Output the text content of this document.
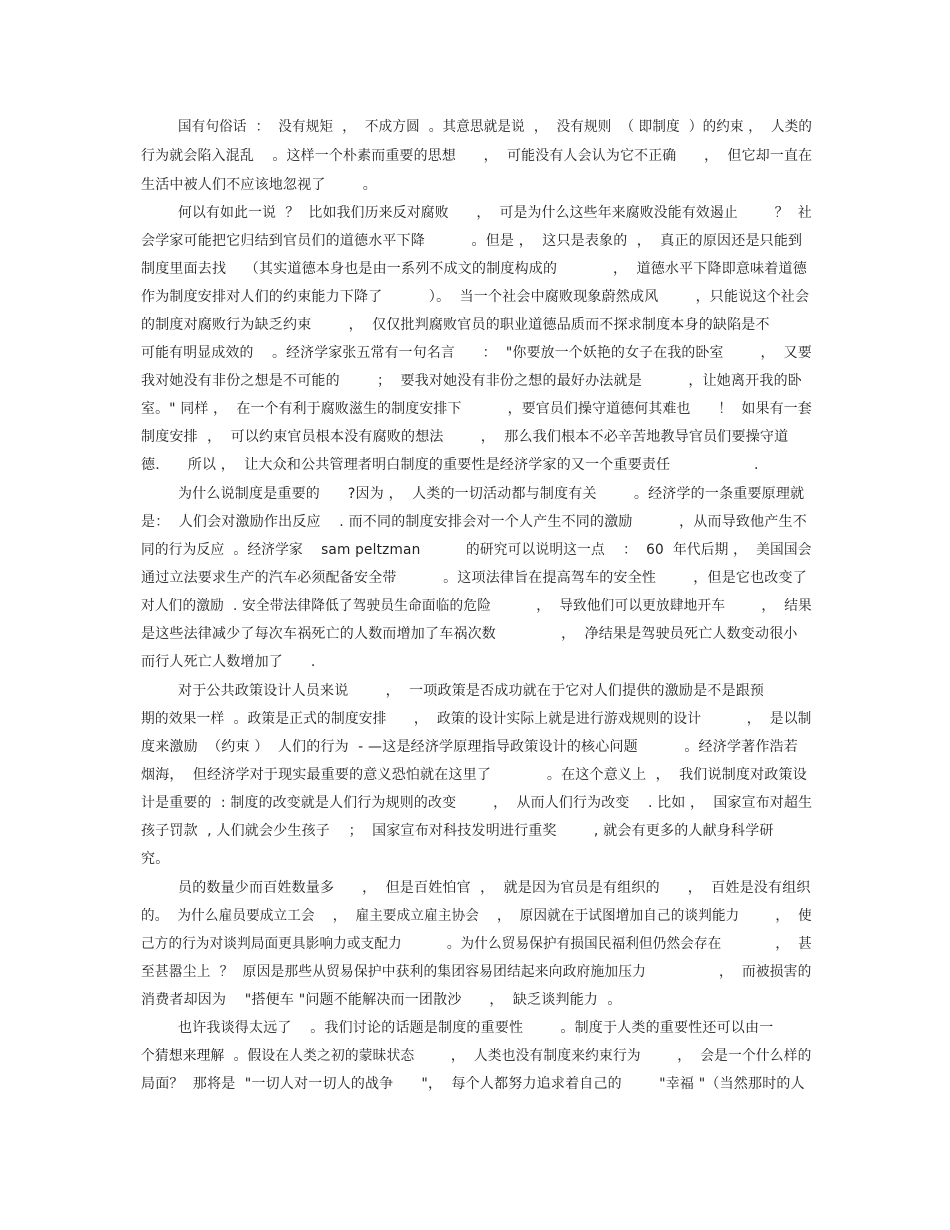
国有句俗话  ：  没有规矩  ，  不成方圆  。其意思就是说  ，  没有规则  （ 即制度  ）的约束 ，  人类的
行为就会陷入混乱    。这样一个朴素而重要的思想      ，  可能没有人会认为它不正确      ，  但它却一直在
生活中被人们不应该地忽视了        。
何以有如此一说  ？  比如我们历来反对腐败      ，  可是为什么这些年来腐败没能有效遏止        ？  社
会学家可能把它归结到官员们的道德水平下降          。但是 ，  这只是表象的  ，  真正的原因还是只能到
制度里面去找    （其实道德本身也是由一系列不成文的制度构成的            ，  道德水平下降即意味着道德
作为制度安排对人们的约束能力下降了          ）。  当一个社会中腐败现象蔚然成风        ，只能说这个社会
的制度对腐败行为缺乏约束        ，  仅仅批判腐败官员的职业道德品质而不探求制度本身的缺陷是不
可能有明显成效的    。经济学家张五常有一句名言      ：  "你要放一个妖艳的女子在我的卧室        ，  又要
我对她没有非份之想是不可能的        ；  要我对她没有非份之想的最好办法就是          ，让她离开我的卧
室。" 同样 ，  在一个有利于腐败滋生的制度安排下          ，要官员们操守道德何其难也      ！  如果有一套
制度安排  ，  可以约束官员根本没有腐败的想法        ，  那么我们根本不必辛苦地教导官员们要操守道
德.      所以 ，  让大众和公共管理者明白制度的重要性是经济学家的又一个重要责任                  .
为什么说制度是重要的      ?因为 ，  人类的一切活动都与制度有关        。经济学的一条重要原理就
是：  人们会对激励作出反应    . 而不同的制度安排会对一个人产生不同的激励          ，从而导致他产生不
同的行为反应  。经济学家    sam peltzman          的研究可以说明这一点    ：  60  年代后期 ，  美国国会
通过立法要求生产的汽车必须配备安全带          。这项法律旨在提高驾车的安全性        ，但是它也改变了
对人们的激励  . 安全带法律降低了驾驶员生命面临的危险          ，  导致他们可以更放肆地开车        ，  结果
是这些法律减少了每次车祸死亡的人数而增加了车祸次数              ，  净结果是驾驶员死亡人数变动很小
而行人死亡人数增加了      .
对于公共政策设计人员来说        ，  一项政策是否成功就在于它对人们提供的激励是不是跟预
期的效果一样  。政策是正式的制度安排      ，  政策的设计实际上就是进行游戏规则的设计          ，  是以制
度来激励  （约束 ）  人们的行为  - —这是经济学原理指导政策设计的核心问题          。经济学著作浩若
烟海，  但经济学对于现实最重要的意义恐怕就在这里了            。在这个意义上  ，  我们说制度对政策设
计是重要的  : 制度的改变就是人们行为规则的改变        ，  从而人们行为改变    . 比如 ，  国家宣布对超生
孩子罚款  , 人们就会少生孩子    ；  国家宣布对科技发明进行重奖        , 就会有更多的人献身科学研
究。
员的数量少而百姓数量多      ，  但是百姓怕官  ，  就是因为官员是有组织的      ，  百姓是没有组织
的。  为什么雇员要成立工会    ，  雇主要成立雇主协会    ，  原因就在于试图增加自己的谈判能力        ，  使
己方的行为对谈判局面更具影响力或支配力          。为什么贸易保护有损国民福利但仍然会存在            ，  甚
至甚嚣尘上  ？  原因是那些从贸易保护中获利的集团容易团结起来向政府施加压力                ，  而被损害的
消费者却因为    "搭便车 "问题不能解决而一团散沙      ，  缺乏谈判能力  。
也许我谈得太远了    。我们讨论的话题是制度的重要性        。制度于人类的重要性还可以由一
个猜想来理解  。假设在人类之初的蒙昧状态        ，  人类也没有制度来约束行为        ，  会是一个什么样的
局面？  那将是  "一切人对一切人的战争      "，  每个人都努力追求着自己的        "幸福 "（当然那时的人
